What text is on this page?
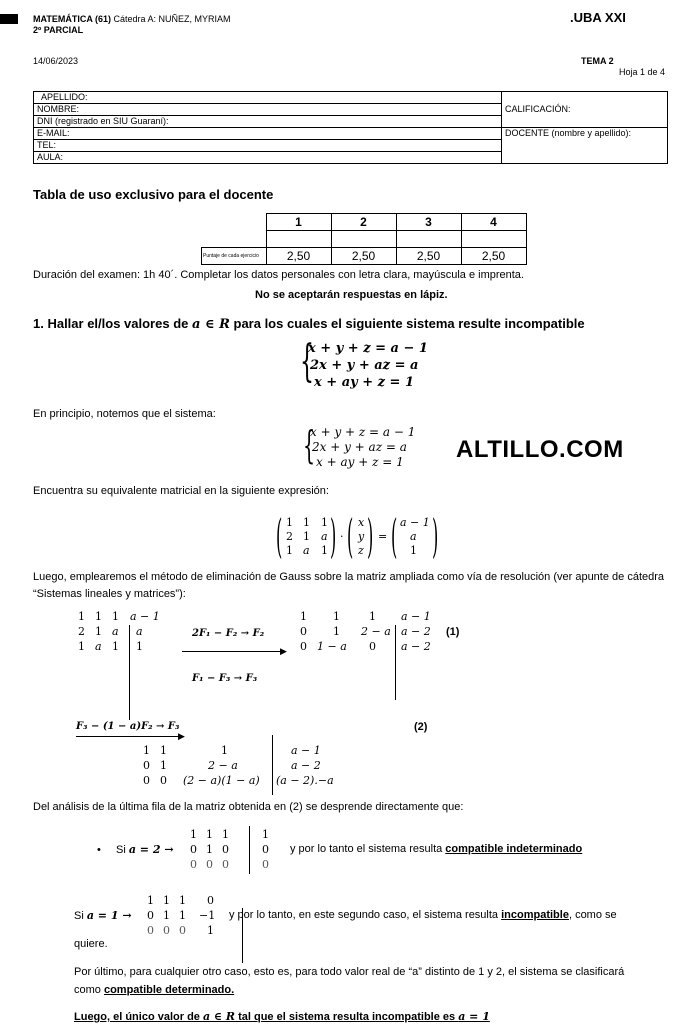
MATEMÁTICA (61) Cátedra A: NUÑEZ, MYRIAM
2º PARCIAL
.UBA XXI
14/06/2023	TEMA 2
Hoja 1 de 4
APELLIDO:	CALIFICACIÓN:
NOMBRE:	
DNI (registrado en SIU Guaraní):	
E-MAIL:	DOCENTE (nombre y apellido):
TEL:	
AULA:	
Tabla de uso exclusivo para el docente
	1	2	3	4

Puntaje de cada ejercicio	2,50	2,50	2,50	2,50
Duración del examen: 1h 40´. Completar los datos personales con letra clara, mayúscula e imprenta.
No se aceptarán respuestas en lápiz.
1. Hallar el/los valores de a ∈ R para los cuales el siguiente sistema resulte incompatible
{
x + y + z = a − 1
2x + y + az = a
x + ay + z = 1
En principio, notemos que el sistema:
{
x + y + z = a − 1
2x + y + az = a
x + ay + z = 1	ALTILLO.COM
Encuentra su equivalente matricial en la siguiente expresión:
( 1 1 1
2 1 a
1 a 1 ) · ( x
y
z ) = ( a − 1
a
1 )
Luego, emplearemos el método de eliminación de Gauss sobre la matriz ampliada como vía de resolución (ver apunte de cátedra “Sistemas lineales y matrices”):
1 1 1 a − 1
2 1 a a
1 a 1 1
2F₁ − F₂ → F₂
▶
F₁ − F₃ → F₃
1 1	1 a − 1
0 1 2 − a a − 2
0 1 − a 0 a − 2
(1)
F₃ − (1 − a)F₂ → F₃
▶
(2)
1 1	1	a − 1
0 1	2 − a	a − 2
0 0 (2 − a)(1 − a) (a − 2).−a
Del análisis de la última fila de la matriz obtenida en (2) se desprende directamente que:
• Si a = 2 →
1 1 1	1
0 1 0	0
0 0 0	0
y por lo tanto el sistema resulta compatible indeterminado
1 1 1 0
0 1 1 −1
0 0 0 1
Si a = 1 →	y por lo tanto, en este segundo caso, el sistema resulta incompatible, como se
quiere.
Por último, para cualquier otro caso, esto es, para todo valor real de “a” distinto de 1 y 2, el sistema se clasificará
como compatible determinado.
Luego, el único valor de a ∈ R tal que el sistema resulta incompatible es a = 1
